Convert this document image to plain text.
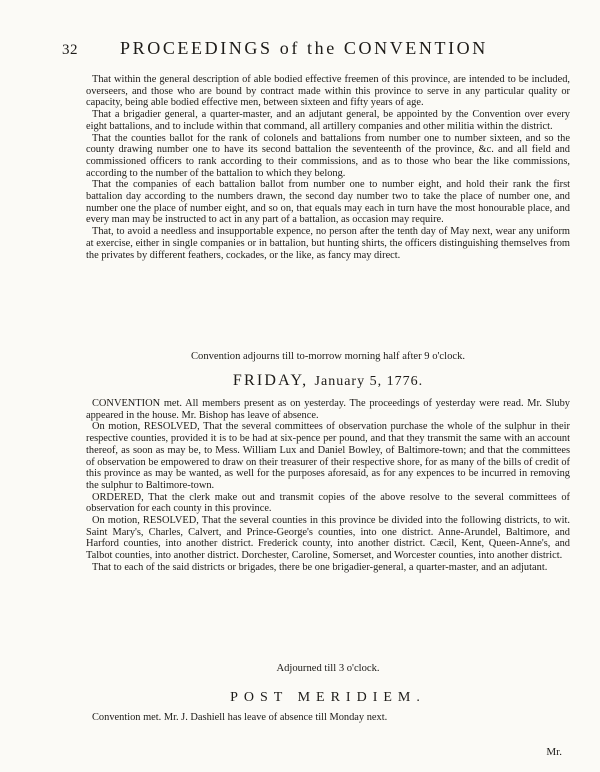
32 PROCEEDINGS of the CONVENTION

That within the general description of able bodied effective freemen of this province, are intended to be included, overseers, and those who are bound by contract made within this province to serve in any particular quality or capacity, being able bodied effective men, between sixteen and fifty years of age.

That a brigadier general, a quarter-master, and an adjutant general, be appointed by the Convention over every eight battalions, and to include within that command, all artillery companies and other militia within the district.

That the counties ballot for the rank of colonels and battalions from number one to number sixteen, and so the county drawing number one to have its second battalion the seventeenth of the province, &c. and all field and commissioned officers to rank according to their commissions, and as to those who bear the like commissions, according to the number of the battalion to which they belong.

That the companies of each battalion ballot from number one to number eight, and hold their rank the first battalion day according to the numbers drawn, the second day number two to take the place of number one, and number one the place of number eight, and so on, that equals may each in turn have the most honourable place, and every man may be instructed to act in any part of a battalion, as occasion may require.

That, to avoid a needless and insupportable expence, no person after the tenth day of May next, wear any uniform at exercise, either in single companies or in battalion, but hunting shirts, the officers distinguishing themselves from the privates by different feathers, cockades, or the like, as fancy may direct.

Convention adjourns till to-morrow morning half after 9 o'clock.
FRIDAY, January 5, 1776.

CONVENTION met. All members present as on yesterday. The proceedings of yesterday were read. Mr. Sluby appeared in the house. Mr. Bishop has leave of absence.

On motion, RESOLVED, That the several committees of observation purchase the whole of the sulphur in their respective counties, provided it is to be had at six-pence per pound, and that they transmit the same with an account thereof, as soon as may be, to Mess. William Lux and Daniel Bowley, of Baltimore-town; and that the committees of observation be empowered to draw on their treasurer of their respective shore, for as many of the bills of credit of this province as may be wanted, as well for the purposes aforesaid, as for any expences to be incurred in removing the sulphur to Baltimore-town.

ORDERED, That the clerk make out and transmit copies of the above resolve to the several committees of observation for each county in this province.

On motion, RESOLVED, That the several counties in this province be divided into the following districts, to wit. Saint Mary's, Charles, Calvert, and Prince-George's counties, into one district. Anne-Arundel, Baltimore, and Harford counties, into another district. Frederick county, into another district. Cæcil, Kent, Queen-Anne's, and Talbot counties, into another district. Dorchester, Caroline, Somerset, and Worcester counties, into another district.

That to each of the said districts or brigades, there be one brigadier-general, a quarter-master, and an adjutant.

Adjourned till 3 o'clock.
POST MERIDIEM.

Convention met. Mr. J. Dashiell has leave of absence till Monday next.

Mr.
